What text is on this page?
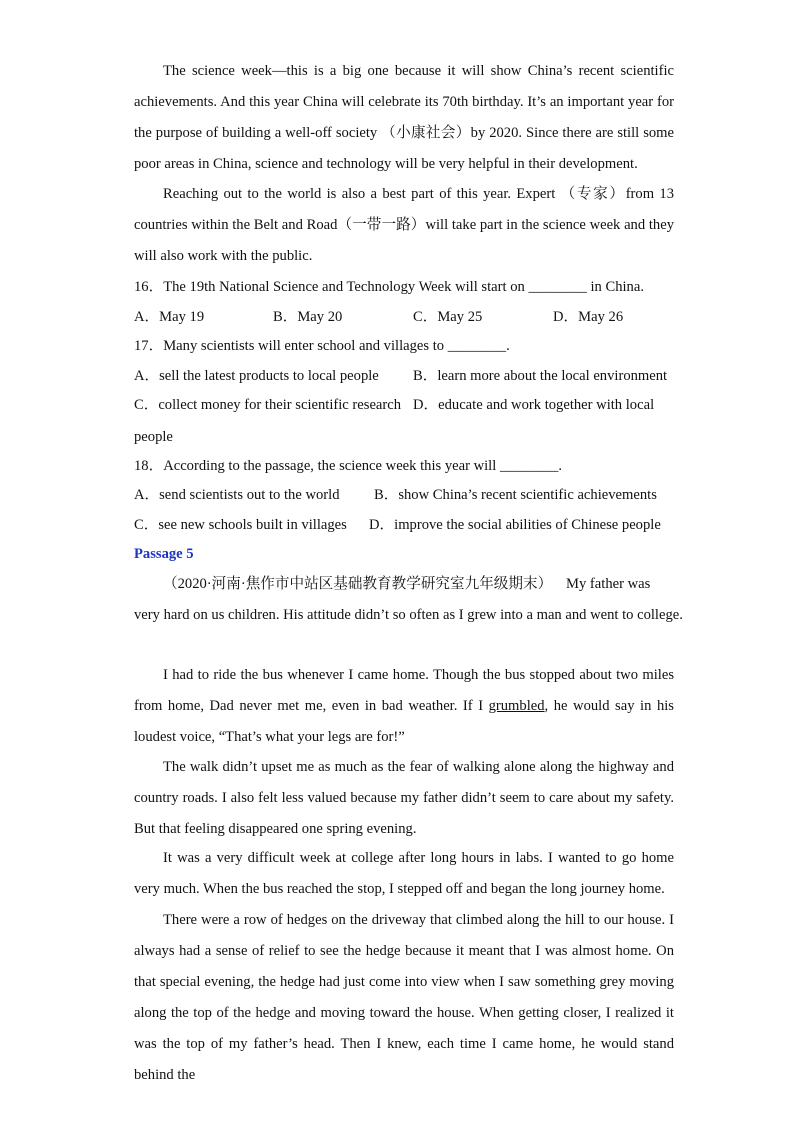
The science week—this is a big one because it will show China’s recent scientific achievements. And this year China will celebrate its 70th birthday. It’s an important year for the purpose of building a well-off society （小康社会）by 2020. Since there are still some poor areas in China, science and technology will be very helpful in their development.

Reaching out to the world is also a best part of this year. Expert （专家）from 13 countries within the Belt and Road（一带一路）will take part in the science week and they will also work with the public.

16．The 19th National Science and Technology Week will start on ________ in China.
A．May 19	B．May 20	C．May 25	D．May 26
17．Many scientists will enter school and villages to ________.
A．sell the latest products to local people B．learn more about the local environment
C．collect money for their scientific research D．educate and work together with local
people
18．According to the passage, the science week this year will ________.
A．send scientists out to the world B．show China’s recent scientific achievements
C．see new schools built in villages D．improve the social abilities of Chinese people
Passage 5
（2020·河南·焦作市中站区基础教育教学研究室九年级期末） My father was
very hard on us children. His attitude didn’t so often as I grew into a man and went to college.

I had to ride the bus whenever I came home. Though the bus stopped about two miles from home, Dad never met me, even in bad weather. If I grumbled, he would say in his loudest voice, “That’s what your legs are for!”

The walk didn’t upset me as much as the fear of walking alone along the highway and country roads. I also felt less valued because my father didn’t seem to care about my safety. But that feeling disappeared one spring evening.

It was a very difficult week at college after long hours in labs. I wanted to go home very much. When the bus reached the stop, I stepped off and began the long journey home.

There were a row of hedges on the driveway that climbed along the hill to our house. I always had a sense of relief to see the hedge because it meant that I was almost home. On that special evening, the hedge had just come into view when I saw something grey moving along the top of the hedge and moving toward the house. When getting closer, I realized it was the top of my father’s head. Then I knew, each time I came home, he would stand behind the
